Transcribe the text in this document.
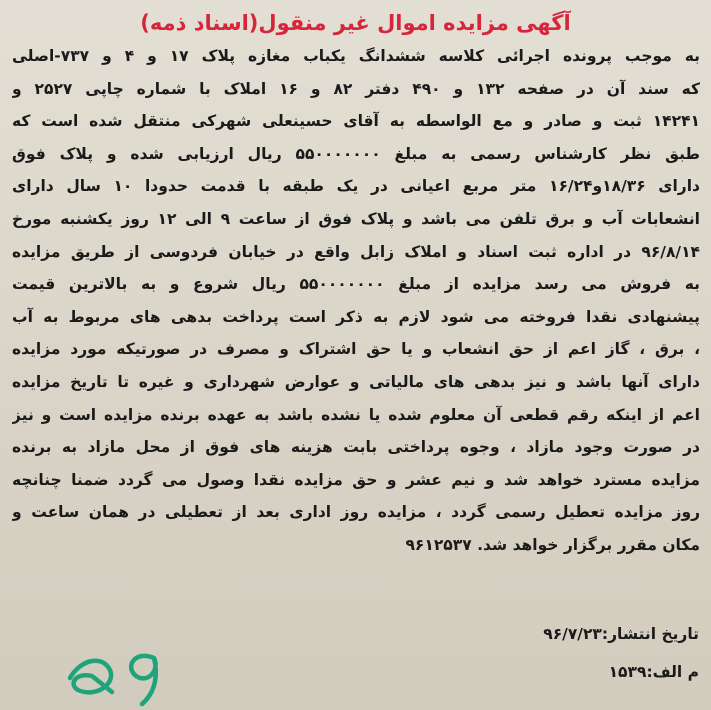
آگهی مزایده اموال غیر منقول(اسناد ذمه)
به موجب پرونده اجرائی کلاسه ششدانگ یکباب مغازه پلاک ۱۷ و ۴ و ۷۳۷-اصلی
که سند آن در صفحه ۱۳۲ و ۴۹۰ دفتر ۸۲ و ۱۶ املاک با شماره چاپی ۲۵۲۷ و
۱۴۲۴۱ ثبت و صادر و مع الواسطه به آقای حسینعلی شهرکی منتقل شده است که
طبق نظر کارشناس رسمی به مبلغ ۵۵۰۰۰۰۰۰۰ ریال ارزیابی شده و پلاک فوق
دارای ۱۸/۳۶و۱۶/۲۴ متر مربع اعیانی در یک طبقه با قدمت حدودا ۱۰ سال دارای
انشعابات آب و برق تلفن می باشد و پلاک فوق از ساعت ۹ الی ۱۲ روز یکشنبه مورخ
۹۶/۸/۱۴ در اداره ثبت اسناد و املاک زابل واقع در خیابان فردوسی از طریق مزایده
به فروش می رسد مزایده از مبلغ ۵۵۰۰۰۰۰۰۰ ریال شروع و به بالاترین قیمت
پیشنهادی نقدا فروخته می شود لازم به ذکر است پرداخت بدهی های مربوط به آب
، برق ، گاز اعم از حق انشعاب و یا حق اشتراک و مصرف در صورتیکه مورد مزایده
دارای آنها باشد و نیز بدهی های مالیاتی و عوارض شهرداری و غیره تا تاریخ مزایده
اعم از اینکه رقم قطعی آن معلوم شده یا نشده باشد به عهده برنده مزایده است و نیز
در صورت وجود مازاد ، وجوه پرداختی بابت هزینه های فوق از محل مازاد به برنده
مزایده مسترد خواهد شد و نیم عشر و حق مزایده نقدا وصول می گردد ضمنا چنانچه
روز مزایده تعطیل رسمی گردد ، مزایده روز اداری بعد از تعطیلی در همان ساعت و
مکان مقرر برگزار خواهد شد. ۹۶۱۲۵۳۷
تاریخ انتشار:۹۶/۷/۲۳
م الف:۱۵۳۹
